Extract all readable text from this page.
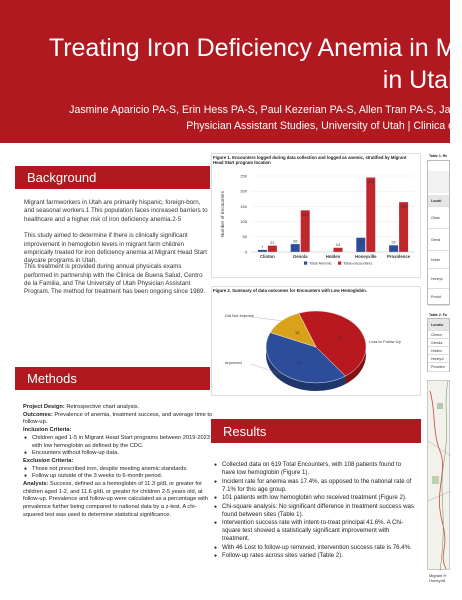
Treating Iron Deficiency Anemia in Mi
in Utah
Jasmine Aparicio PA-S, Erin Hess PA-S, Paul Kezerian PA-S, Allen Tran PA-S, Jar
Physician Assistant Studies, University of Utah | Clinica d
Background

Migrant farmworkers in Utah are primarily hispanic, foreign-born, and seasonal workers.1 This population faces increased barriers to healthcare and a higher risk of iron deficiency anemia.2-5

This study aimed to determine if there is clinically significant improvement in hemoglobin levels in migrant farm children empirically treated for iron deficiency anemia at Migrant Head Start daycare programs in Utah.

This treatment is provided during annual physicals exams performed in partnership with the Clinica de Buena Salud, Centro de la Familia, and The University of Utah Physician Assistant Program. The method for treatment has been ongoing since 1989.

Methods
Project Design: Retrospective chart analysis.
Outcomes: Prevalence of anemia, treatment success, and average time to follow-up.
Inclusion Criteria:
● Children aged 1-5 in Migrant Head Start programs between 2019-2023 with low hemoglobin as defined by the CDC.
● Encounters without follow-up data.
Exclusion Criteria:
● Those not prescribed iron, despite meeting anemic standards.
● Follow up outside of the 3 weeks to 6-month period.
Analysis: Success, defined as a hemoglobin of 11.3 g/dL or greater for children aged 1-2, and 11.6 g/dL or greater for children 2-5 years old, at follow-up. Prevalence and follow-up were calculated as a percentage with prevalence further being compared to national data by a z-test. A chi-squared test was used to determine statistical significance.
Figure 1. Encounters logged during data collection and logged as anemic, stratified by Migrant Head Start program location
Number of Encounters
0
50
100
150
200
250
7
21
Clinton
26
137
Genola
14
Holden
47
245
Honeyville
22
164
Providence
Total Anemic	Total encounters
Figure 2. Summary of data outcomes for Encounters with Low Hemoglobin.
46
42
13
Loss to Follow Up
Improved
Did Not Improve
Results
● Collected data on 619 Total Encounters, with 108 patients found to have low hemoglobin (Figure 1).
● Incident rate for anemia was 17.4%, as opposed to the national rate of 7.1% for this age group.
● 101 patients with low hemoglobin who received treatment (Figure 2).
● Chi-square analysis: No significant difference in treatment success was found between sites (Table 1).
● Intervention success rate with intent-to-treat principal 41.6%. A Chi-square test showed a statistically significant improvement with treatment.
● With 46 Lost to follow-up removed, intervention success rate is 76.4%.
● Follow-up rates across sites varied (Table 2).
Table 1. Re
Locati
Clinto
Genol
Holde
Honeyv
Provid
Table 2. Fo
Locatio
Clinton
Genola
Holden
Honeyvi
Providen
Migrant H
Honeyvill
